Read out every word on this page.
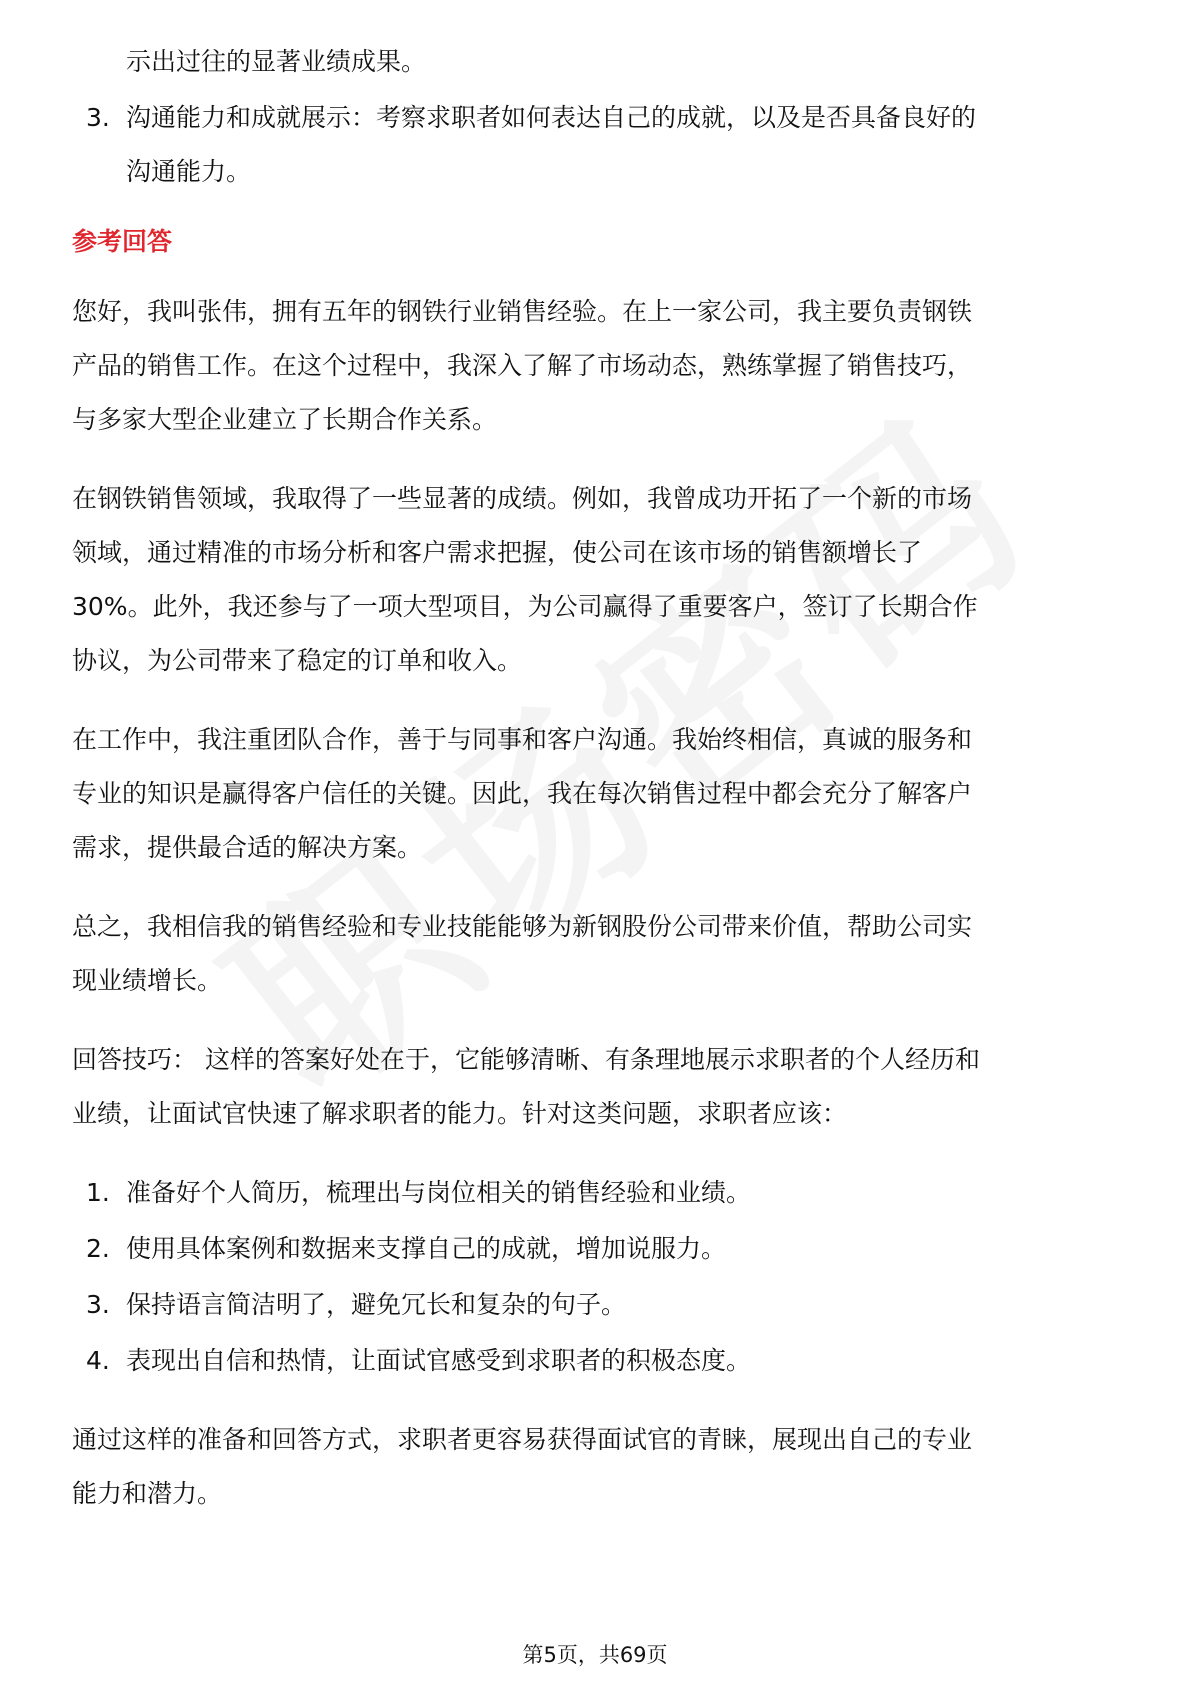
示出过往的显著业绩成果。
3. 沟通能力和成就展示：考察求职者如何表达自己的成就，以及是否具备良好的
沟通能力。
参考回答
您好，我叫张伟，拥有五年的钢铁行业销售经验。在上一家公司，我主要负责钢铁
产品的销售工作。在这个过程中，我深入了解了市场动态，熟练掌握了销售技巧，
与多家大型企业建立了长期合作关系。
在钢铁销售领域，我取得了一些显著的成绩。例如，我曾成功开拓了一个新的市场
领域，通过精准的市场分析和客户需求把握，使公司在该市场的销售额增长了
30%。此外，我还参与了一项大型项目，为公司赢得了重要客户，签订了长期合作
协议，为公司带来了稳定的订单和收入。
在工作中，我注重团队合作，善于与同事和客户沟通。我始终相信，真诚的服务和
专业的知识是赢得客户信任的关键。因此，我在每次销售过程中都会充分了解客户
需求，提供最合适的解决方案。
总之，我相信我的销售经验和专业技能能够为新钢股份公司带来价值，帮助公司实
现业绩增长。
回答技巧： 这样的答案好处在于，它能够清晰、有条理地展示求职者的个人经历和
业绩，让面试官快速了解求职者的能力。针对这类问题，求职者应该：
1. 准备好个人简历，梳理出与岗位相关的销售经验和业绩。
2. 使用具体案例和数据来支撑自己的成就，增加说服力。
3. 保持语言简洁明了，避免冗长和复杂的句子。
4. 表现出自信和热情，让面试官感受到求职者的积极态度。
通过这样的准备和回答方式，求职者更容易获得面试官的青睐，展现出自己的专业
能力和潜力。
第5页，共69页
